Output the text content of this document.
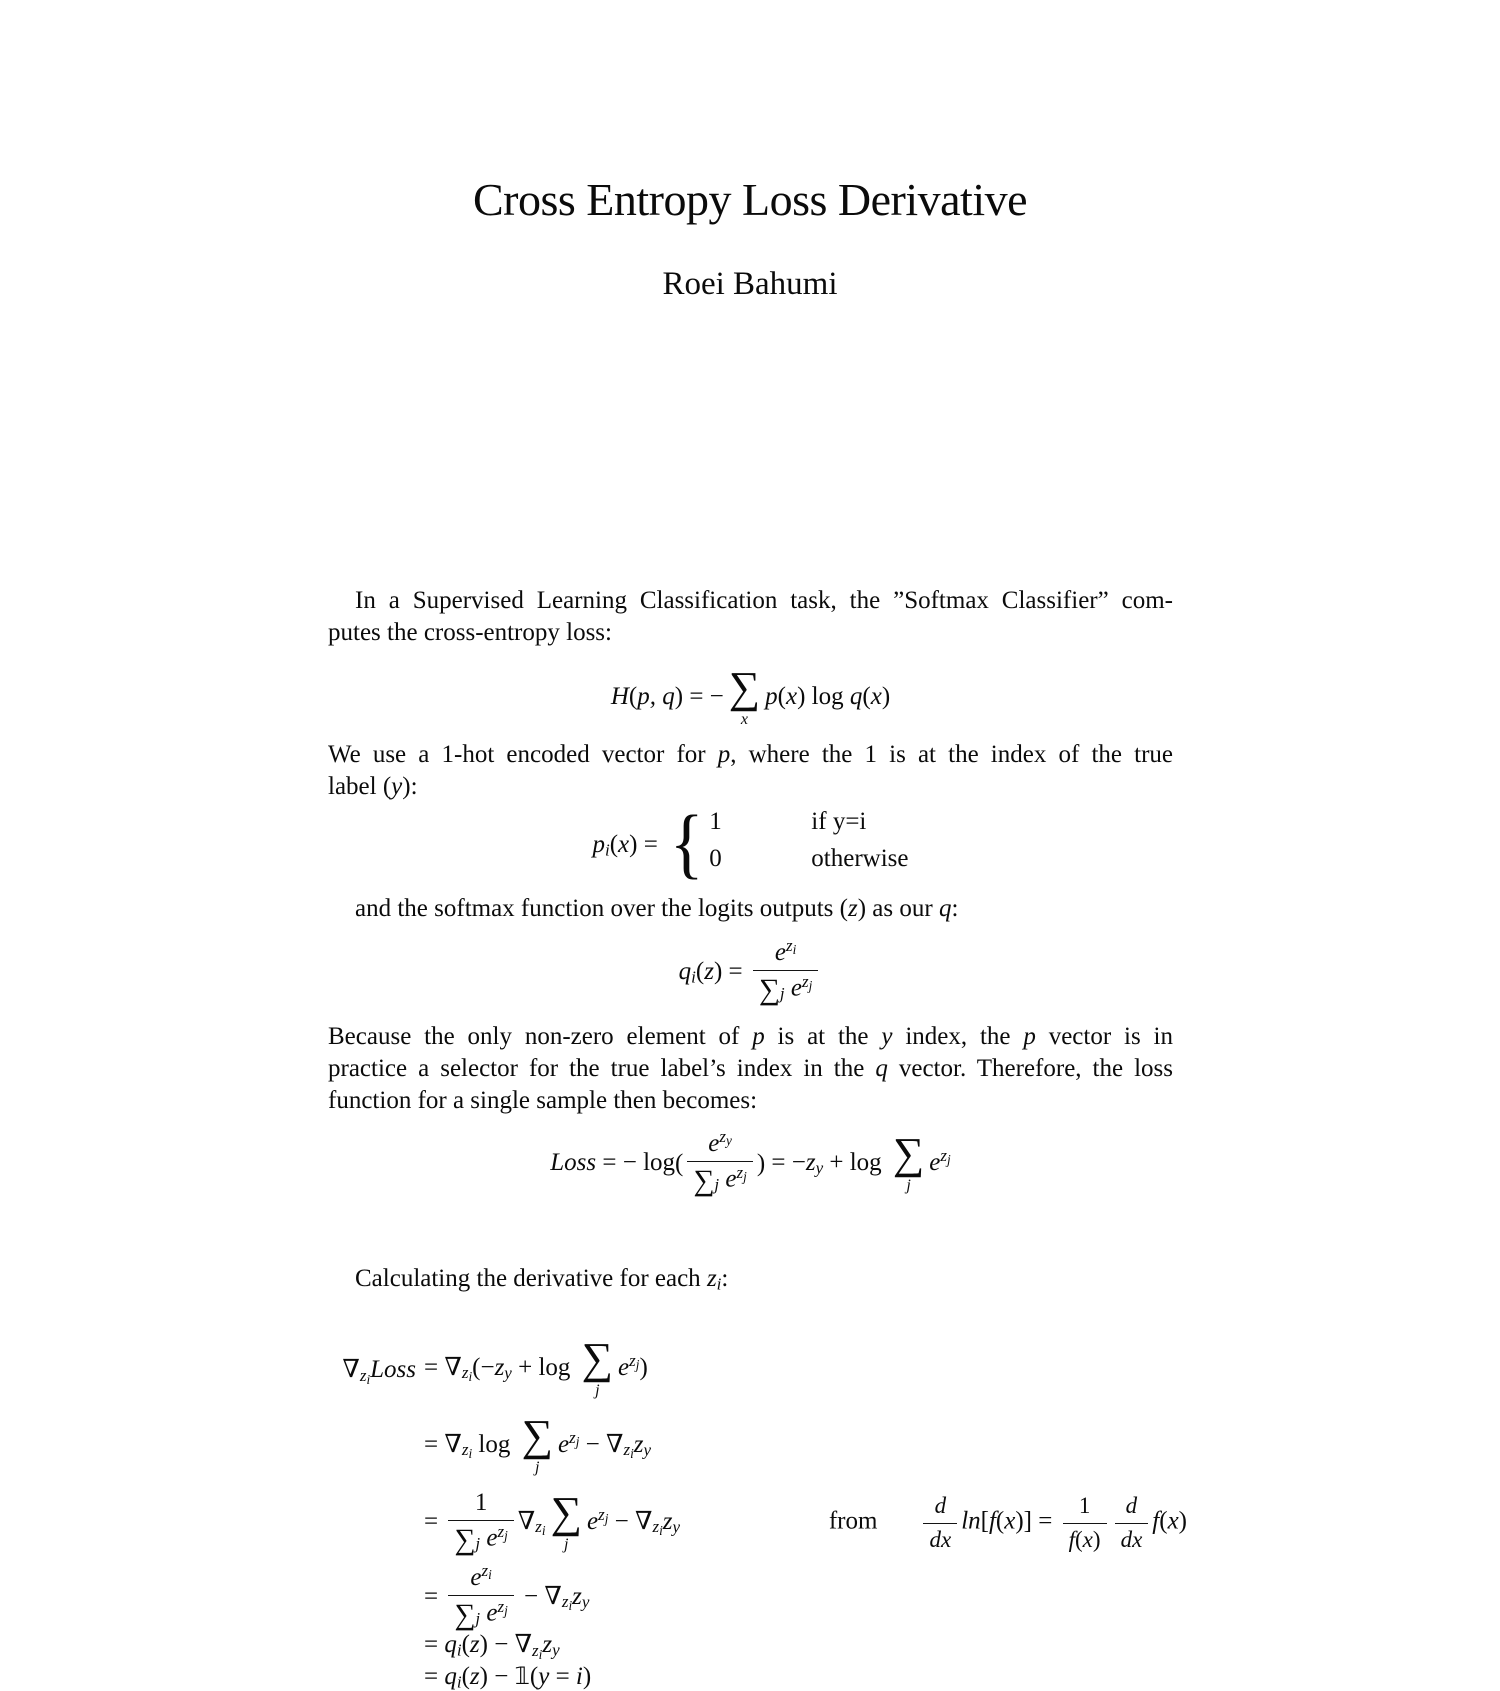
Cross Entropy Loss Derivative
Roei Bahumi

In a Supervised Learning Classification task, the ”Softmax Classifier” com-

putes the cross-entropy loss:

H(p, q) = − ∑
x
p(x) log q(x)

We use a 1-hot encoded vector for p, where the 1 is at the index of the true

label (y):

$p_i(x)$ = { 1	if y=i
0	otherwise

and the softmax function over the logits outputs (z) as our q:

$q_i(z)$ =
$e^{z_i}$
$\sum_j$ $e^{z_j}$

Because the only non-zero element of p is at the y index, the p vector is in

practice a selector for the true label’s index in the q vector. Therefore, the loss

function for a single sample then becomes:

Loss = − log(
$e^{z_y}$
$\sum_j$ $e^{z_j}$ ) = $-z_y + \log$ ∑
j
$e^{z_j}$

Calculating the derivative for each $z_i$:

$\nabla_{z_i}Loss = \nabla_{z_i}(-z_y + \log$ ∑
j
$e^{z_j}$)
= $\nabla_{z_i}$ log ∑
j
$e^{z_j} - \nabla_{z_i}z_y$
=
1
$\sum_j$ $e^{z_j}$
$\nabla_{z_i}$ ∑
j
$e^{z_j} - \nabla_{z_i}z_y$	from $\frac{d}{dx} \ln[f(x)] = \frac{1}{f(x)} \frac{d}{dx} f(x)$
=
$e^{z_i}$
$\sum_j$ $e^{z_j}$
− $\nabla_{z_i}z_y$
= $q_i(z) - \nabla_{z_i}z_y$
= $q_i(z)$ − 𝟙(y = i)
